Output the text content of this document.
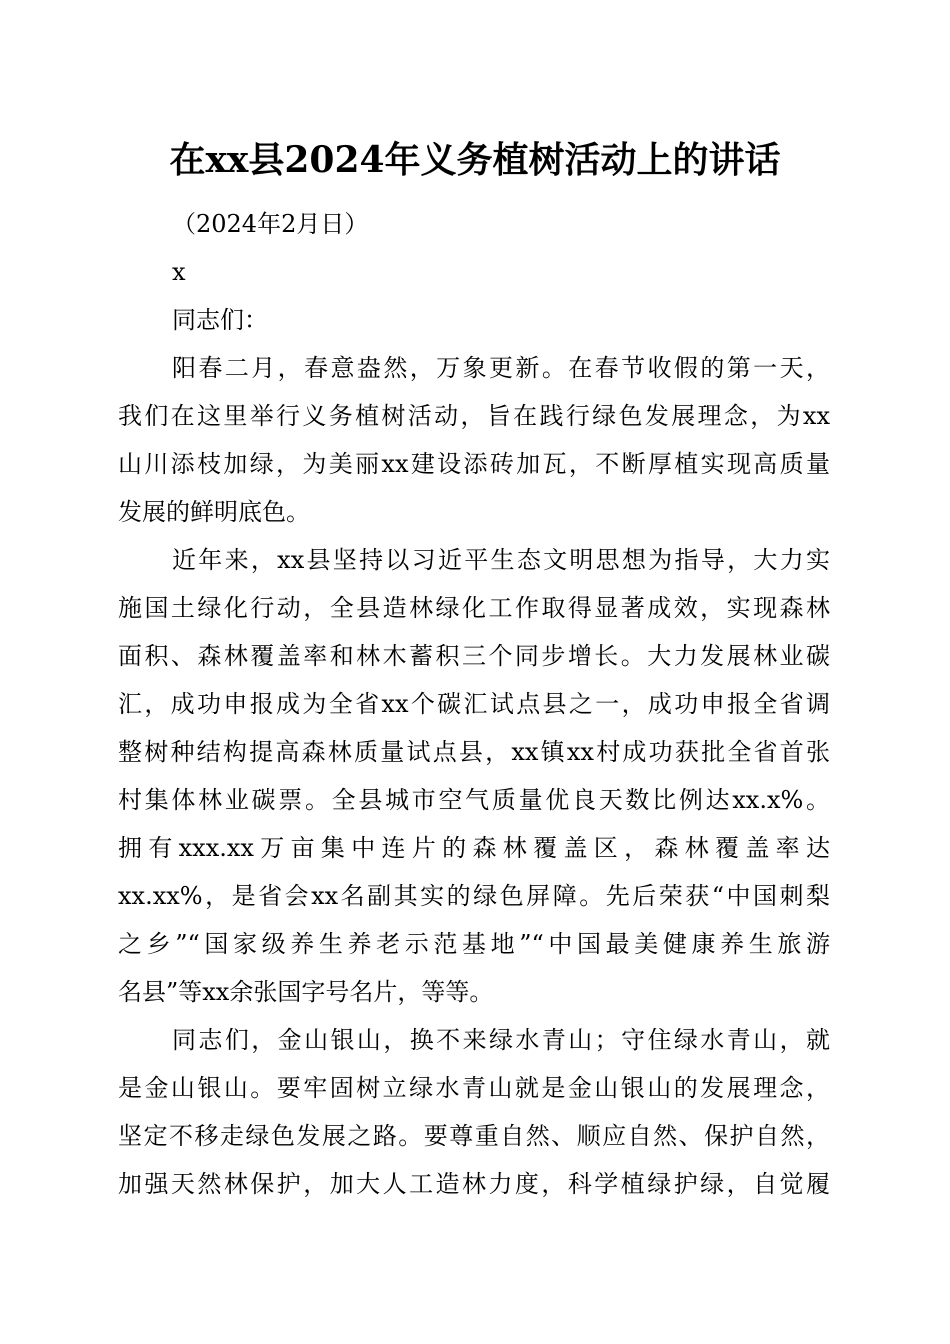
在xx县2024年义务植树活动上的讲话
（2024年2月日）
x
同志们：
阳春二月，春意盎然，万象更新。在春节收假的第一天，
我们在这里举行义务植树活动，旨在践行绿色发展理念，为xx
山川添枝加绿，为美丽xx建设添砖加瓦，不断厚植实现高质量
发展的鲜明底色。
近年来，xx县坚持以习近平生态文明思想为指导，大力实
施国土绿化行动，全县造林绿化工作取得显著成效，实现森林
面积、森林覆盖率和林木蓄积三个同步增长。大力发展林业碳
汇，成功申报成为全省xx个碳汇试点县之一，成功申报全省调
整树种结构提高森林质量试点县，xx镇xx村成功获批全省首张
村集体林业碳票。全县城市空气质量优良天数比例达xx.x%。
拥有xxx.xx万亩集中连片的森林覆盖区，森林覆盖率达
xx.xx%，是省会xx名副其实的绿色屏障。先后荣获“中国刺梨
之乡”“国家级养生养老示范基地”“中国最美健康养生旅游
名县”等xx余张国字号名片，等等。
同志们，金山银山，换不来绿水青山；守住绿水青山，就
是金山银山。要牢固树立绿水青山就是金山银山的发展理念，
坚定不移走绿色发展之路。要尊重自然、顺应自然、保护自然，
加强天然林保护，加大人工造林力度，科学植绿护绿，自觉履
